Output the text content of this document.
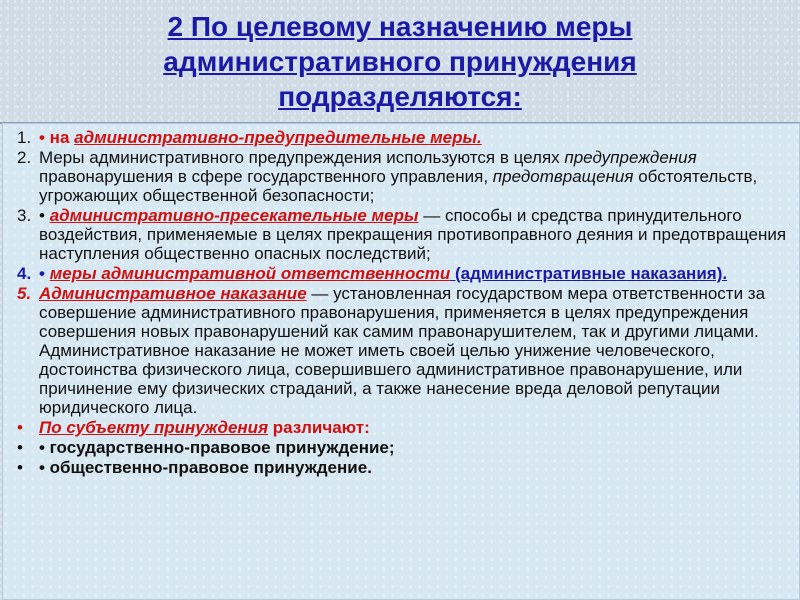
2 По целевому назначению меры административного принуждения подразделяются:
1. • на административно-предупредительные меры.
2. Меры административного предупреждения используются в целях предупреждения правонарушения в сфере государственного управления, предотвращения обстоятельств, угрожающих общественной безопасности;
3. • административно-пресекательные меры — способы и средства принудительного воздействия, применяемые в целях прекращения противоправного деяния и предотвращения наступления общественно опасных последствий;
4. • меры административной ответственности (административные наказания).
5. Административное наказание — установленная государством мера ответственности за совершение административного правонарушения, применяется в целях предупреждения совершения новых правонарушений как самим правонарушителем, так и другими лицами. Административное наказание не может иметь своей целью унижение человеческого, достоинства физического лица, совершившего административное правонарушение, или причинение ему физических страданий, а также нанесение вреда деловой репутации юридического лица.
• По субъекту принуждения различают:
• • государственно-правовое принуждение;
• • общественно-правовое принуждение.
